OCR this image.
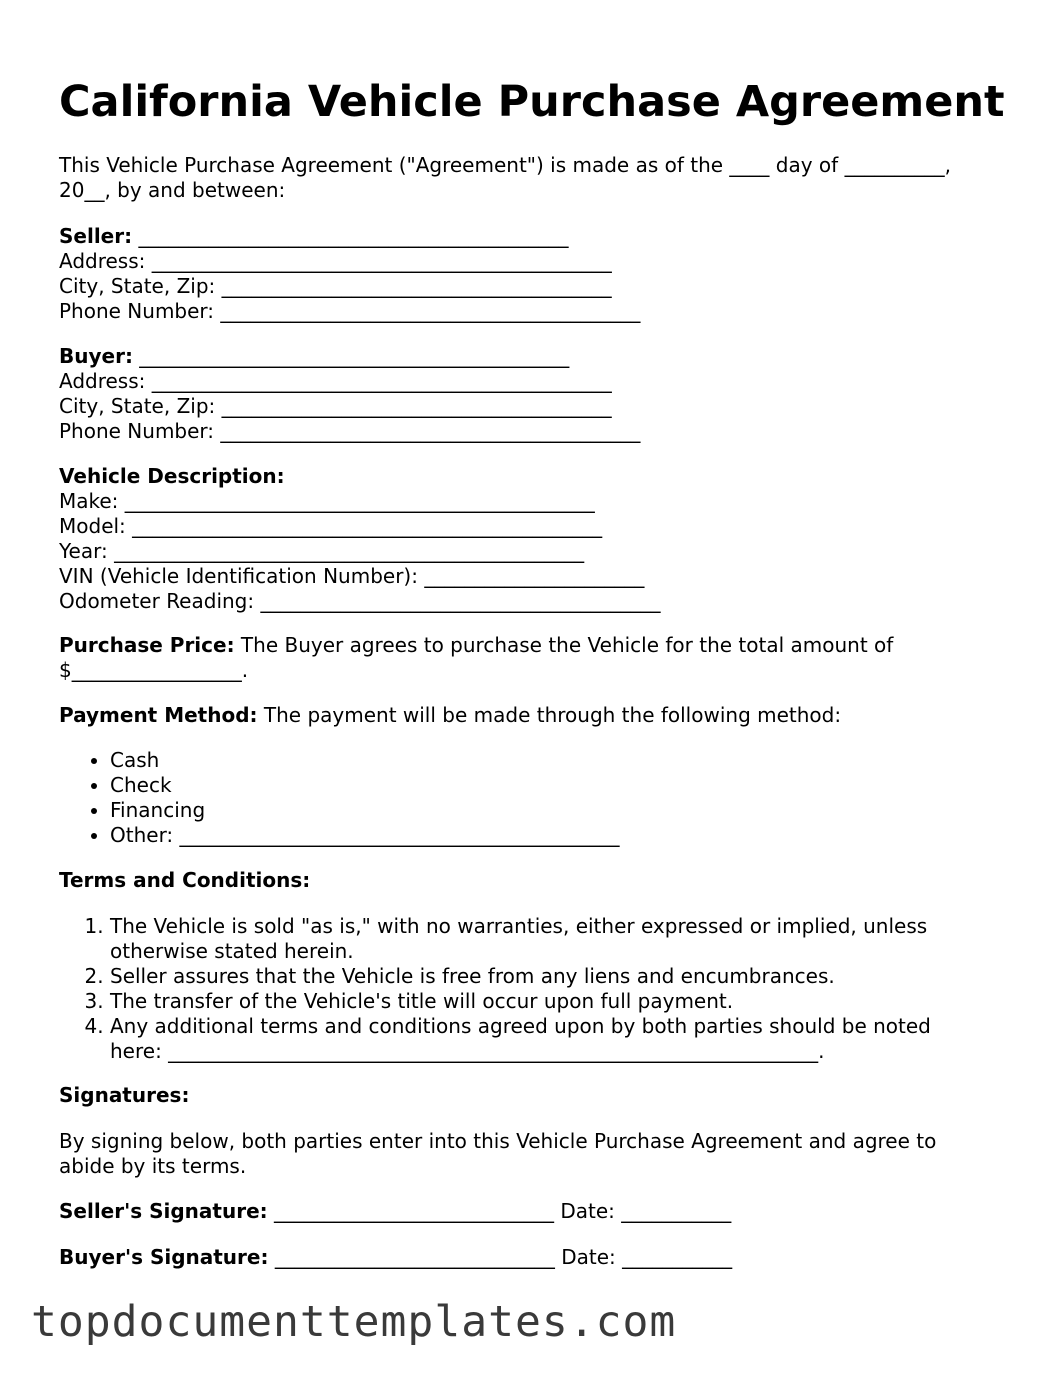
California Vehicle Purchase Agreement
This Vehicle Purchase Agreement ("Agreement") is made as of the ____ day of __________,
20__, by and between:
Seller: ___________________________________________
Address: ______________________________________________
City, State, Zip: _______________________________________
Phone Number: __________________________________________
Buyer: ___________________________________________
Address: ______________________________________________
City, State, Zip: _______________________________________
Phone Number: __________________________________________
Vehicle Description:
Make: _______________________________________________
Model: _______________________________________________
Year: _______________________________________________
VIN (Vehicle Identification Number): ______________________
Odometer Reading: ________________________________________
Purchase Price: The Buyer agrees to purchase the Vehicle for the total amount of
$_________________.
Payment Method: The payment will be made through the following method:
• Cash
• Check
• Financing
• Other: ____________________________________________
Terms and Conditions:
1. The Vehicle is sold "as is," with no warranties, either expressed or implied, unless otherwise stated herein.
2. Seller assures that the Vehicle is free from any liens and encumbrances.
3. The transfer of the Vehicle's title will occur upon full payment.
4. Any additional terms and conditions agreed upon by both parties should be noted here: _________________________________________________________________.
Signatures:
By signing below, both parties enter into this Vehicle Purchase Agreement and agree to abide by its terms.
Seller's Signature: ____________________________ Date: ___________
Buyer's Signature: ____________________________ Date: ___________
topdocumenttemplates.com
